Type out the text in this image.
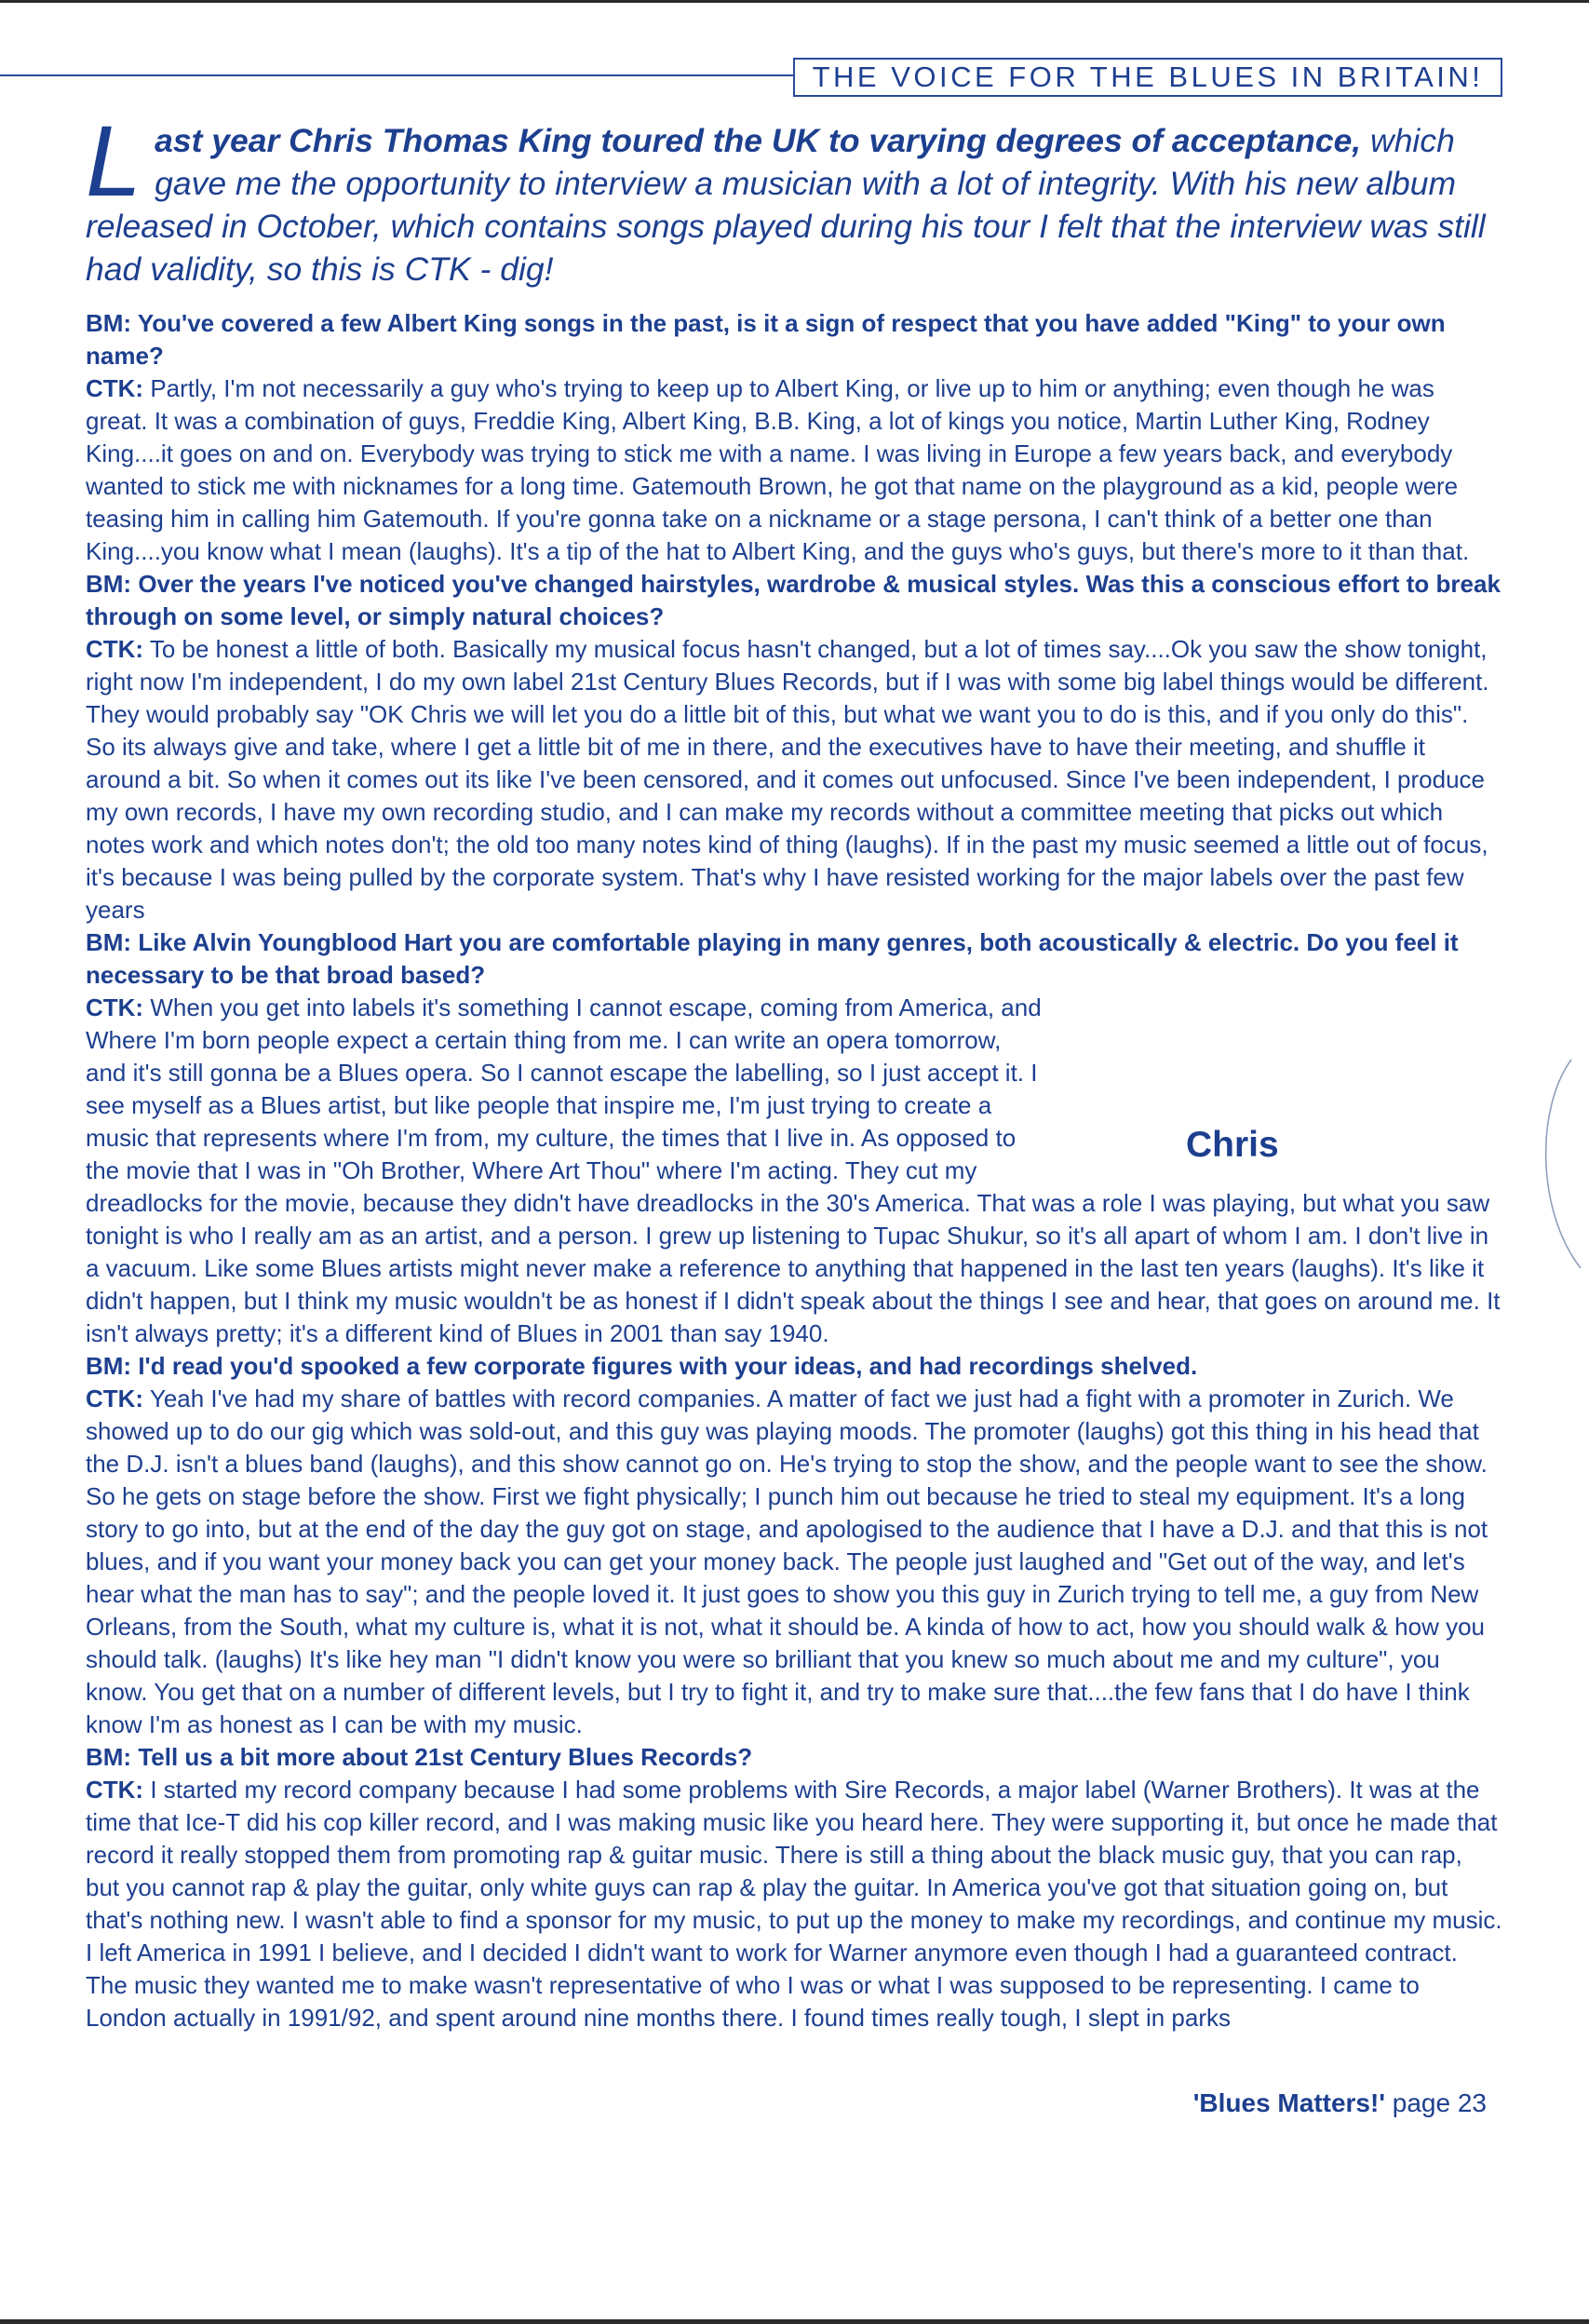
THE VOICE FOR THE BLUES IN BRITAIN!
Last year Chris Thomas King toured the UK to varying degrees of acceptance, which gave me the opportunity to interview a musician with a lot of integrity. With his new album released in October, which contains songs played during his tour I felt that the interview was still had validity, so this is CTK - dig!

BM: You've covered a few Albert King songs in the past, is it a sign of respect that you have added "King" to your own name?

CTK: Partly, I'm not necessarily a guy who's trying to keep up to Albert King, or live up to him or anything; even though he was great. It was a combination of guys, Freddie King, Albert King, B.B. King, a lot of kings you notice, Martin Luther King, Rodney King....it goes on and on. Everybody was trying to stick me with a name. I was living in Europe a few years back, and everybody wanted to stick me with nicknames for a long time. Gatemouth Brown, he got that name on the playground as a kid, people were teasing him in calling him Gatemouth. If you're gonna take on a nickname or a stage persona, I can't think of a better one than King....you know what I mean (laughs). It's a tip of the hat to Albert King, and the guys who's guys, but there's more to it than that.

BM: Over the years I've noticed you've changed hairstyles, wardrobe & musical styles. Was this a conscious effort to break through on some level, or simply natural choices?

CTK: To be honest a little of both. Basically my musical focus hasn't changed, but a lot of times say....Ok you saw the show tonight, right now I'm independent, I do my own label 21st Century Blues Records, but if I was with some big label things would be different. They would probably say "OK Chris we will let you do a little bit of this, but what we want you to do is this, and if you only do this". So its always give and take, where I get a little bit of me in there, and the executives have to have their meeting, and shuffle it around a bit. So when it comes out its like I've been censored, and it comes out unfocused. Since I've been independent, I produce my own records, I have my own recording studio, and I can make my records without a committee meeting that picks out which notes work and which notes don't; the old too many notes kind of thing (laughs). If in the past my music seemed a little out of focus, it's because I was being pulled by the corporate system. That's why I have resisted working for the major labels over the past few years

BM: Like Alvin Youngblood Hart you are comfortable playing in many genres, both acoustically & electric. Do you feel it necessary to be that broad based?

Chris
CTK: When you get into labels it's something I cannot escape, coming from America, and Where I'm born people expect a certain thing from me. I can write an opera tomorrow, and it's still gonna be a Blues opera. So I cannot escape the labelling, so I just accept it. I see myself as a Blues artist, but like people that inspire me, I'm just trying to create a music that represents where I'm from, my culture, the times that I live in. As opposed to the movie that I was in "Oh Brother, Where Art Thou" where I'm acting. They cut my dreadlocks for the movie, because they didn't have dreadlocks in the 30's America. That was a role I was playing, but what you saw tonight is who I really am as an artist, and a person. I grew up listening to Tupac Shukur, so it's all apart of whom I am. I don't live in a vacuum. Like some Blues artists might never make a reference to anything that happened in the last ten years (laughs). It's like it didn't happen, but I think my music wouldn't be as honest if I didn't speak about the things I see and hear, that goes on around me. It isn't always pretty; it's a different kind of Blues in 2001 than say 1940.

BM: I'd read you'd spooked a few corporate figures with your ideas, and had recordings shelved.

CTK: Yeah I've had my share of battles with record companies. A matter of fact we just had a fight with a promoter in Zurich. We showed up to do our gig which was sold-out, and this guy was playing moods. The promoter (laughs) got this thing in his head that the D.J. isn't a blues band (laughs), and this show cannot go on. He's trying to stop the show, and the people want to see the show. So he gets on stage before the show. First we fight physically; I punch him out because he tried to steal my equipment. It's a long story to go into, but at the end of the day the guy got on stage, and apologised to the audience that I have a D.J. and that this is not blues, and if you want your money back you can get your money back. The people just laughed and "Get out of the way, and let's hear what the man has to say"; and the people loved it. It just goes to show you this guy in Zurich trying to tell me, a guy from New Orleans, from the South, what my culture is, what it is not, what it should be. A kinda of how to act, how you should walk & how you should talk. (laughs) It's like hey man "I didn't know you were so brilliant that you knew so much about me and my culture", you know. You get that on a number of different levels, but I try to fight it, and try to make sure that....the few fans that I do have I think know I'm as honest as I can be with my music.

BM: Tell us a bit more about 21st Century Blues Records?

CTK: I started my record company because I had some problems with Sire Records, a major label (Warner Brothers). It was at the time that Ice-T did his cop killer record, and I was making music like you heard here. They were supporting it, but once he made that record it really stopped them from promoting rap & guitar music. There is still a thing about the black music guy, that you can rap, but you cannot rap & play the guitar, only white guys can rap & play the guitar. In America you've got that situation going on, but that's nothing new. I wasn't able to find a sponsor for my music, to put up the money to make my recordings, and continue my music. I left America in 1991 I believe, and I decided I didn't want to work for Warner anymore even though I had a guaranteed contract. The music they wanted me to make wasn't representative of who I was or what I was supposed to be representing. I came to London actually in 1991/92, and spent around nine months there. I found times really tough, I slept in parks

'Blues Matters!' page 23
